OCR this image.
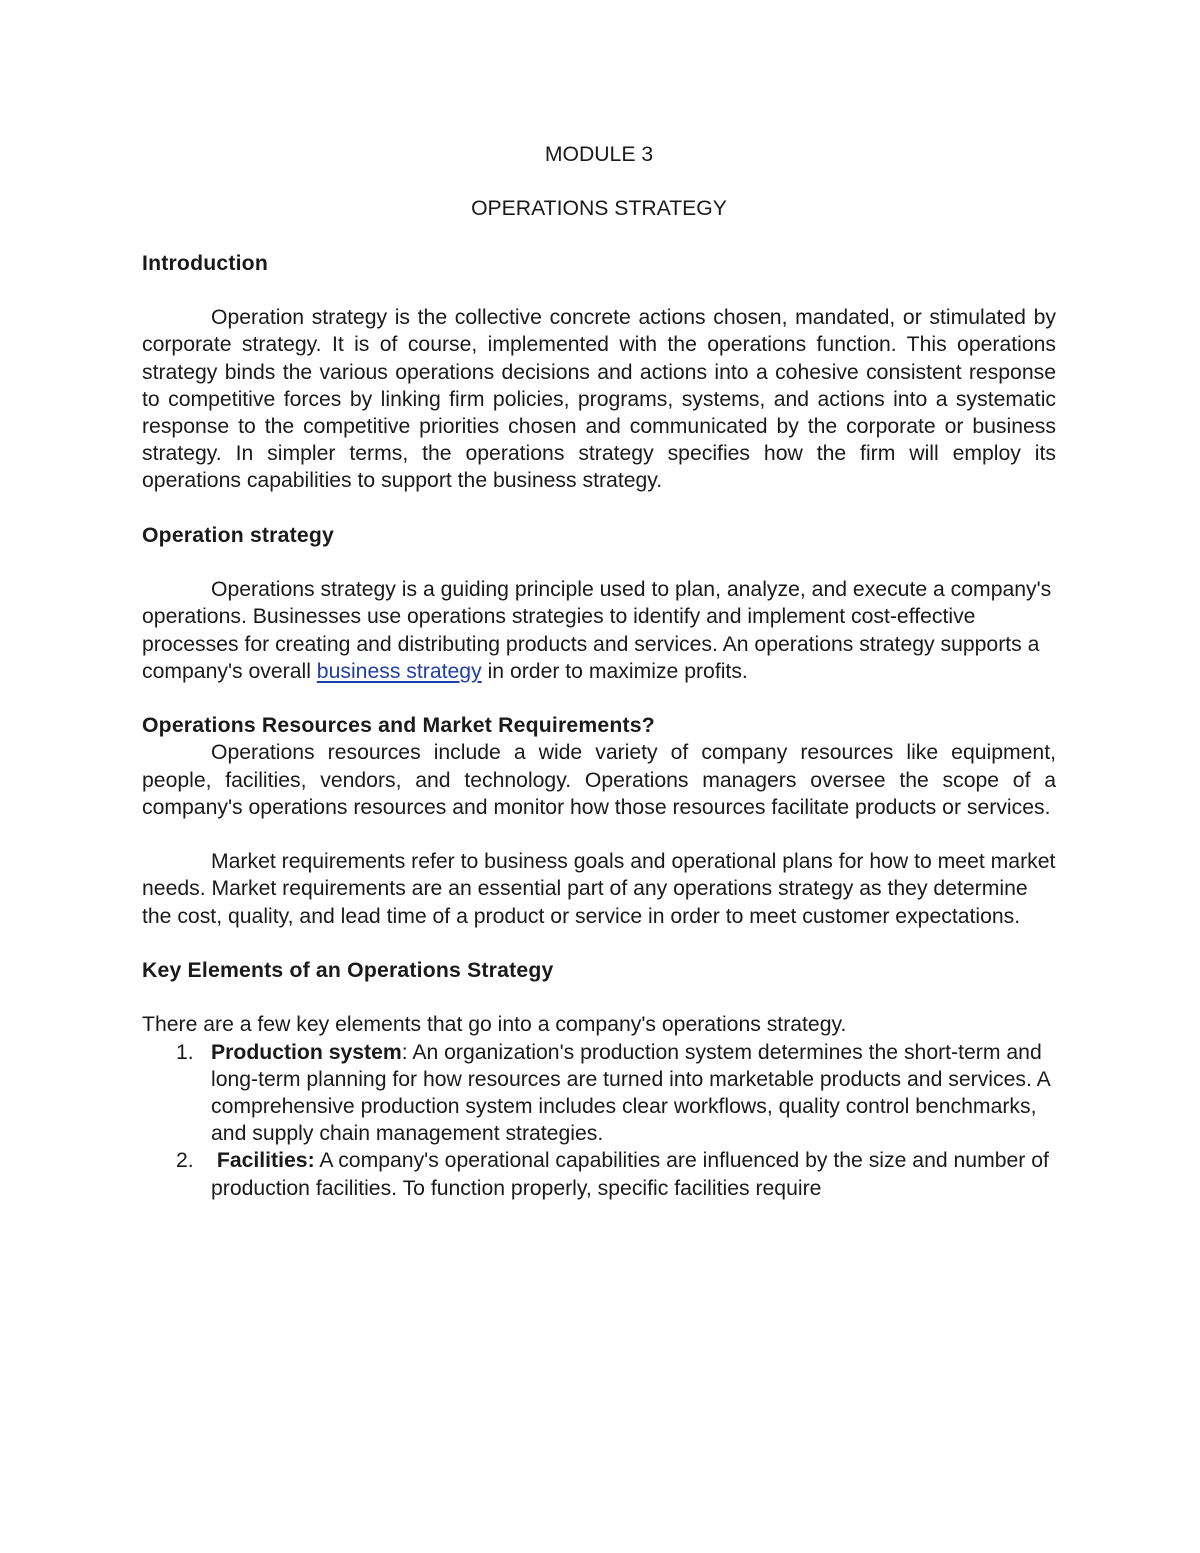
MODULE 3

OPERATIONS STRATEGY

Introduction

Operation strategy is the collective concrete actions chosen, mandated, or stimulated by corporate strategy. It is of course, implemented with the operations function. This operations strategy binds the various operations decisions and actions into a cohesive consistent response to competitive forces by linking firm policies, programs, systems, and actions into a systematic response to the competitive priorities chosen and communicated by the corporate or business strategy. In simpler terms, the operations strategy specifies how the firm will employ its operations capabilities to support the business strategy.

Operation strategy

Operations strategy is a guiding principle used to plan, analyze, and execute a company's operations. Businesses use operations strategies to identify and implement cost-effective processes for creating and distributing products and services. An operations strategy supports a company's overall business strategy in order to maximize profits.

Operations Resources and Market Requirements?

Operations resources include a wide variety of company resources like equipment, people, facilities, vendors, and technology. Operations managers oversee the scope of a company's operations resources and monitor how those resources facilitate products or services.

Market requirements refer to business goals and operational plans for how to meet market needs. Market requirements are an essential part of any operations strategy as they determine the cost, quality, and lead time of a product or service in order to meet customer expectations.

Key Elements of an Operations Strategy

There are a few key elements that go into a company's operations strategy.

1. Production system: An organization's production system determines the short-term and long-term planning for how resources are turned into marketable products and services. A comprehensive production system includes clear workflows, quality control benchmarks, and supply chain management strategies.
2. Facilities: A company's operational capabilities are influenced by the size and number of production facilities. To function properly, specific facilities require
